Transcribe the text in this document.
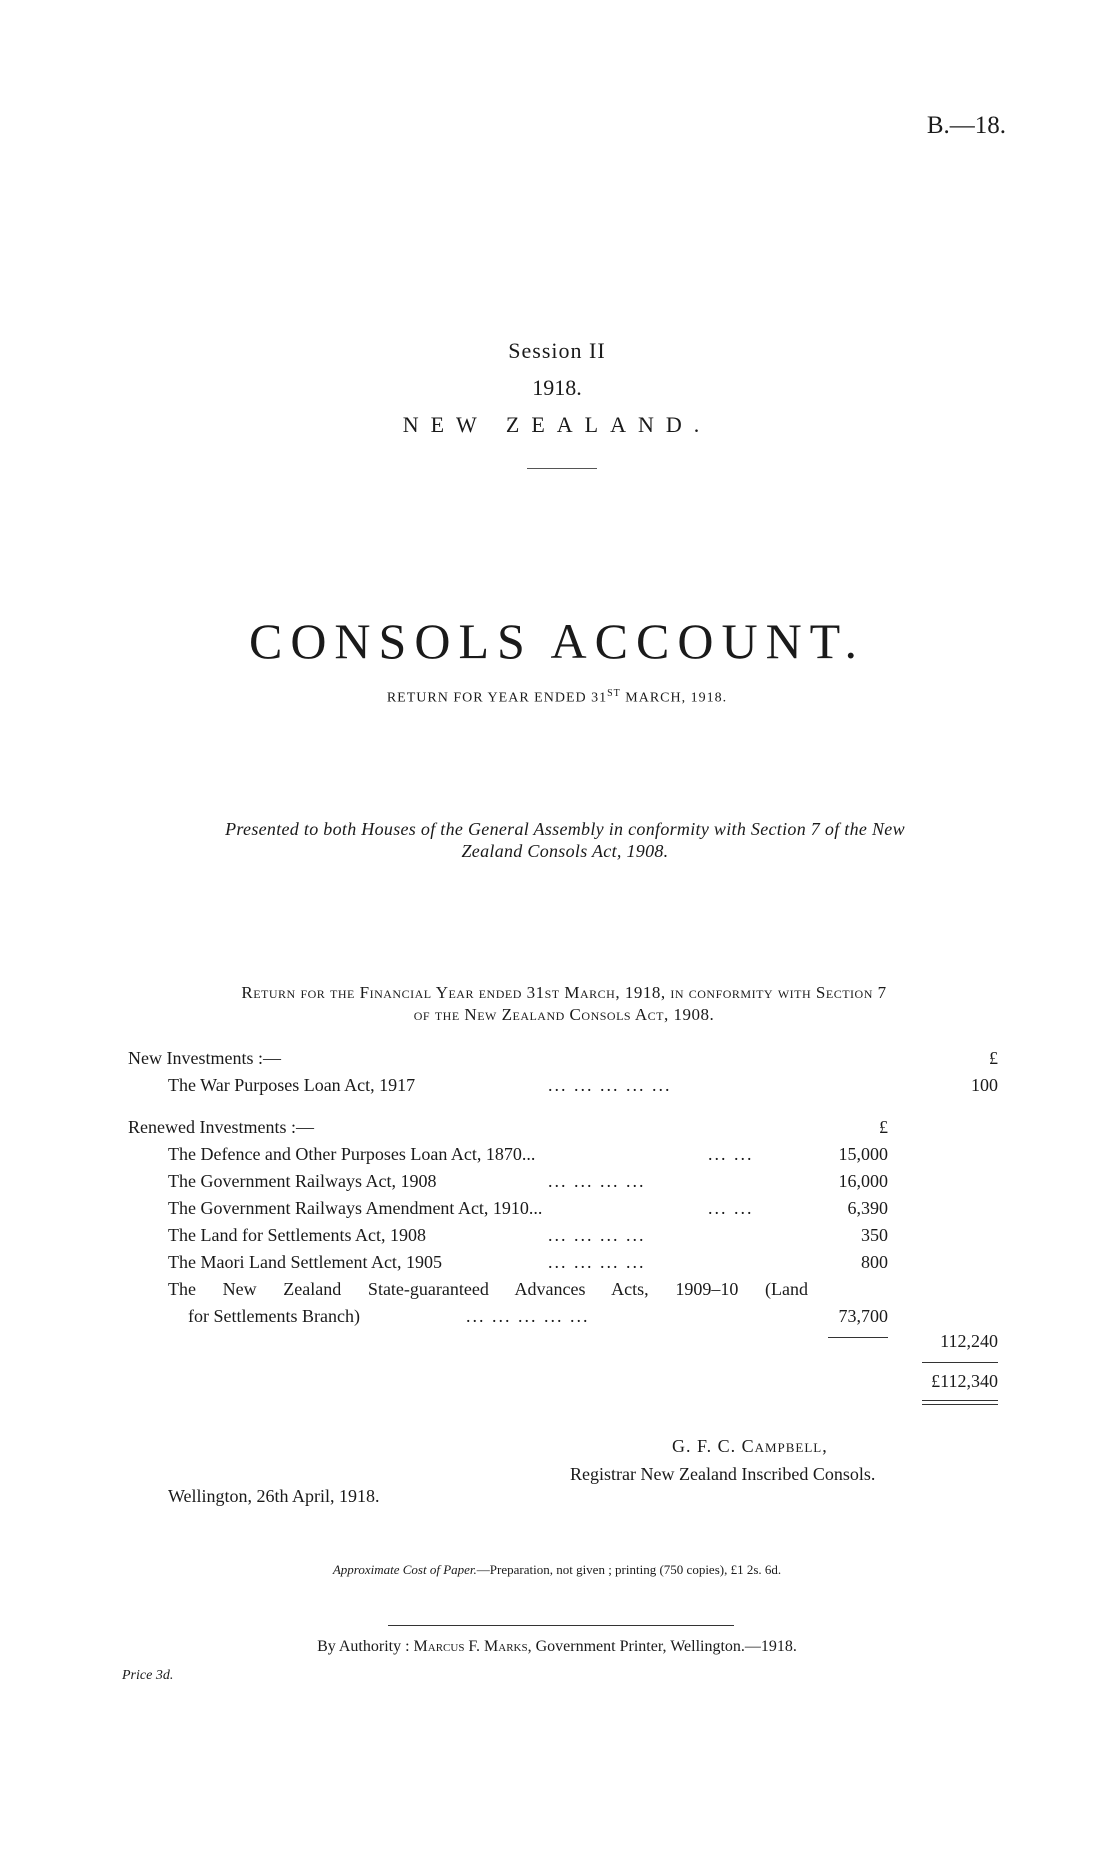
B.—18.
Session II
1918.
NEW ZEALAND.
CONSOLS ACCOUNT.
RETURN FOR YEAR ENDED 31ST MARCH, 1918.
Presented to both Houses of the General Assembly in conformity with Section 7 of the New
Zealand Consols Act, 1908.
Return for the Financial Year ended 31st March, 1918, in conformity with Section 7
of the New Zealand Consols Act, 1908.
New Investments :—	£
The War Purposes Loan Act, 1917	... ... ... ... ...	100
Renewed Investments :—	£
The Defence and Other Purposes Loan Act, 1870...	... ...	15,000
The Government Railways Act, 1908	... ... ... ...	16,000
The Government Railways Amendment Act, 1910...	... ...	6,390
The Land for Settlements Act, 1908	... ... ... ...	350
The Maori Land Settlement Act, 1905	... ... ... ...	800
The New Zealand State-guaranteed Advances Acts, 1909–10 (Land
for Settlements Branch)	... ... ... ... ...	73,700
112,240
£112,340
G. F. C. Campbell,
Registrar New Zealand Inscribed Consols.
Wellington, 26th April, 1918.
Approximate Cost of Paper.—Preparation, not given ; printing (750 copies), £1 2s. 6d.
By Authority : Marcus F. Marks, Government Printer, Wellington.—1918.
Price 3d.
